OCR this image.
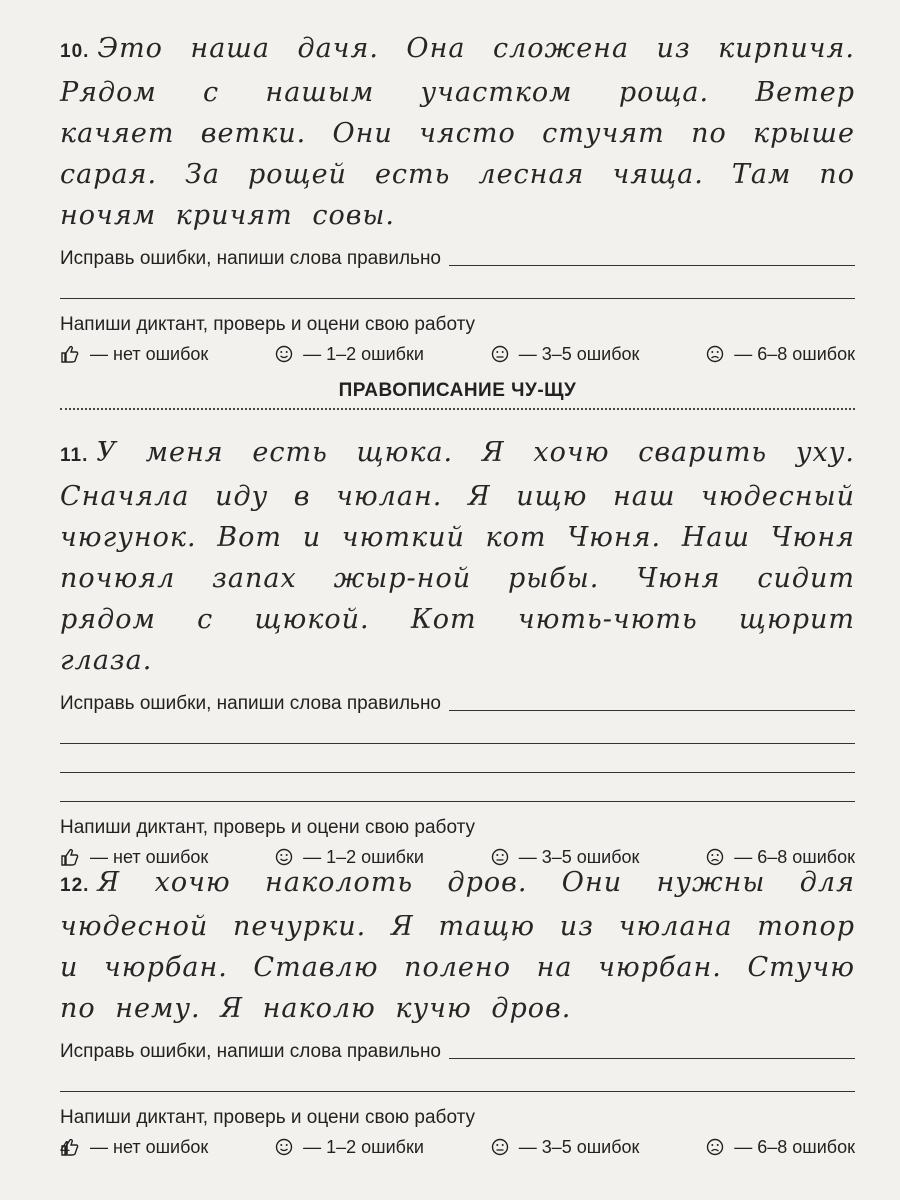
10. Это наша дачя. Она сложена из кирпичя. Рядом с нашым участком роща. Ветер качяет ветки. Они чясто стучят по крыше сарая. За рощей есть лесная чяща. Там по ночям кричят совы.
Исправь ошибки, напиши слова правильно
Напиши диктант, проверь и оцени свою работу
— нет ошибок	— 1–2 ошибки	— 3–5 ошибок	— 6–8 ошибок
ПРАВОПИСАНИЕ ЧУ-ЩУ
11. У меня есть щюка. Я хочю сварить уху. Сначяла иду в чюлан. Я ищю наш чюдесный чюгунок. Вот и чюткий кот Чюня. Наш Чюня почюял запах жыр-ной рыбы. Чюня сидит рядом с щюкой. Кот чють-чють щюрит глаза.
Исправь ошибки, напиши слова правильно
Напиши диктант, проверь и оцени свою работу
— нет ошибок	— 1–2 ошибки	— 3–5 ошибок	— 6–8 ошибок
12. Я хочю наколоть дров. Они нужны для чюдесной печурки. Я тащю из чюлана топор и чюрбан. Ставлю полено на чюрбан. Стучю по нему. Я наколю кучю дров.
Исправь ошибки, напиши слова правильно
Напиши диктант, проверь и оцени свою работу
— нет ошибок	— 1–2 ошибки	— 3–5 ошибок	— 6–8 ошибок
4
